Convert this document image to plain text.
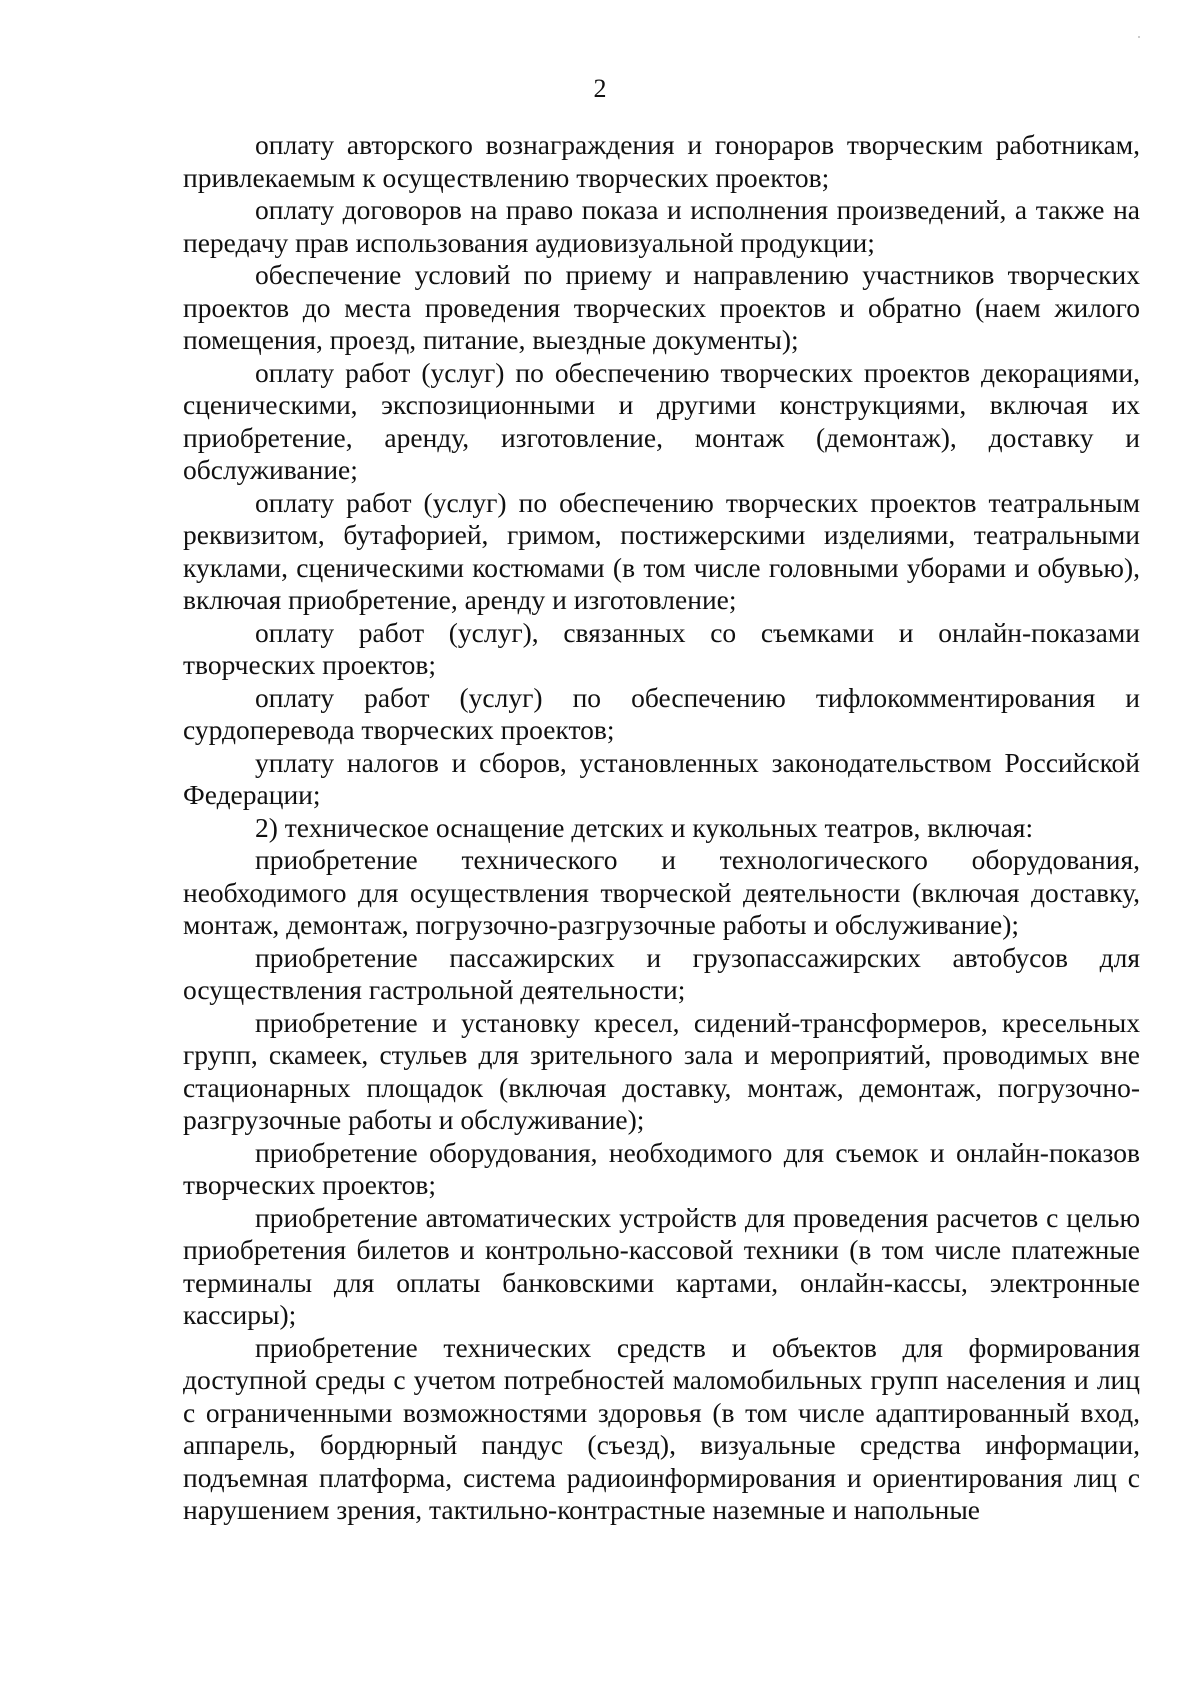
2

оплату авторского вознаграждения и гонораров творческим работникам, привлекаемым к осуществлению творческих проектов;

оплату договоров на право показа и исполнения произведений, а также на передачу прав использования аудиовизуальной продукции;

обеспечение условий по приему и направлению участников творческих проектов до места проведения творческих проектов и обратно (наем жилого помещения, проезд, питание, выездные документы);

оплату работ (услуг) по обеспечению творческих проектов декорациями, сценическими, экспозиционными и другими конструкциями, включая их приобретение, аренду, изготовление, монтаж (демонтаж), доставку и обслуживание;

оплату работ (услуг) по обеспечению творческих проектов театральным реквизитом, бутафорией, гримом, постижерскими изделиями, театральными куклами, сценическими костюмами (в том числе головными уборами и обувью), включая приобретение, аренду и изготовление;

оплату работ (услуг), связанных со съемками и онлайн-показами творческих проектов;

оплату работ (услуг) по обеспечению тифлокомментирования и сурдоперевода творческих проектов;

уплату налогов и сборов, установленных законодательством Российской Федерации;

2) техническое оснащение детских и кукольных театров, включая:

приобретение технического и технологического оборудования, необходимого для осуществления творческой деятельности (включая доставку, монтаж, демонтаж, погрузочно-разгрузочные работы и обслуживание);

приобретение пассажирских и грузопассажирских автобусов для осуществления гастрольной деятельности;

приобретение и установку кресел, сидений-трансформеров, кресельных групп, скамеек, стульев для зрительного зала и мероприятий, проводимых вне стационарных площадок (включая доставку, монтаж, демонтаж, погрузочно-разгрузочные работы и обслуживание);

приобретение оборудования, необходимого для съемок и онлайн-показов творческих проектов;

приобретение автоматических устройств для проведения расчетов с целью приобретения билетов и контрольно-кассовой техники (в том числе платежные терминалы для оплаты банковскими картами, онлайн-кассы, электронные кассиры);

приобретение технических средств и объектов для формирования доступной среды с учетом потребностей маломобильных групп населения и лиц с ограниченными возможностями здоровья (в том числе адаптированный вход, аппарель, бордюрный пандус (съезд), визуальные средства информации, подъемная платформа, система радиоинформирования и ориентирования лиц с нарушением зрения, тактильно-контрастные наземные и напольные
